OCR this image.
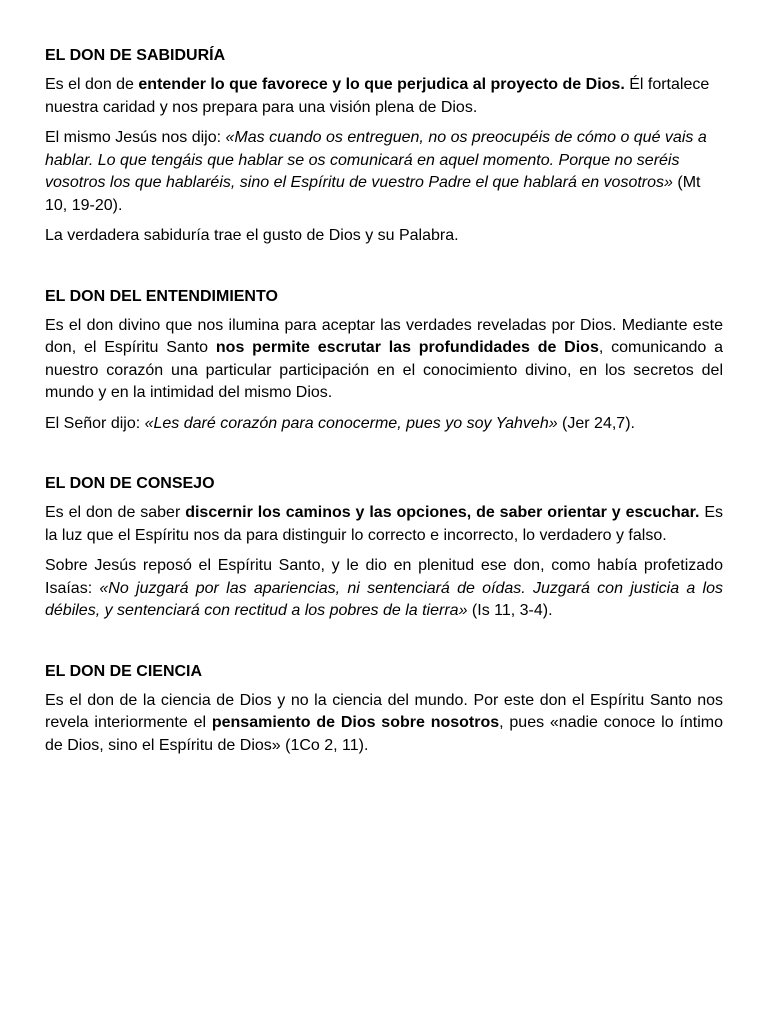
EL DON DE SABIDURÍA

Es el don de entender lo que favorece y lo que perjudica al proyecto de Dios. Él fortalece nuestra caridad y nos prepara para una visión plena de Dios.

El mismo Jesús nos dijo: «Mas cuando os entreguen, no os preocupéis de cómo o qué vais a hablar. Lo que tengáis que hablar se os comunicará en aquel momento. Porque no seréis vosotros los que hablaréis, sino el Espíritu de vuestro Padre el que hablará en vosotros» (Mt 10, 19-20).

La verdadera sabiduría trae el gusto de Dios y su Palabra.

EL DON DEL ENTENDIMIENTO

Es el don divino que nos ilumina para aceptar las verdades reveladas por Dios. Mediante este don, el Espíritu Santo nos permite escrutar las profundidades de Dios, comunicando a nuestro corazón una particular participación en el conocimiento divino, en los secretos del mundo y en la intimidad del mismo Dios.

El Señor dijo: «Les daré corazón para conocerme, pues yo soy Yahveh» (Jer 24,7).

EL DON DE CONSEJO

Es el don de saber discernir los caminos y las opciones, de saber orientar y escuchar. Es la luz que el Espíritu nos da para distinguir lo correcto e incorrecto, lo verdadero y falso.

Sobre Jesús reposó el Espíritu Santo, y le dio en plenitud ese don, como había profetizado Isaías: «No juzgará por las apariencias, ni sentenciará de oídas. Juzgará con justicia a los débiles, y sentenciará con rectitud a los pobres de la tierra» (Is 11, 3-4).

EL DON DE CIENCIA

Es el don de la ciencia de Dios y no la ciencia del mundo. Por este don el Espíritu Santo nos revela interiormente el pensamiento de Dios sobre nosotros, pues «nadie conoce lo íntimo de Dios, sino el Espíritu de Dios» (1Co 2, 11).
